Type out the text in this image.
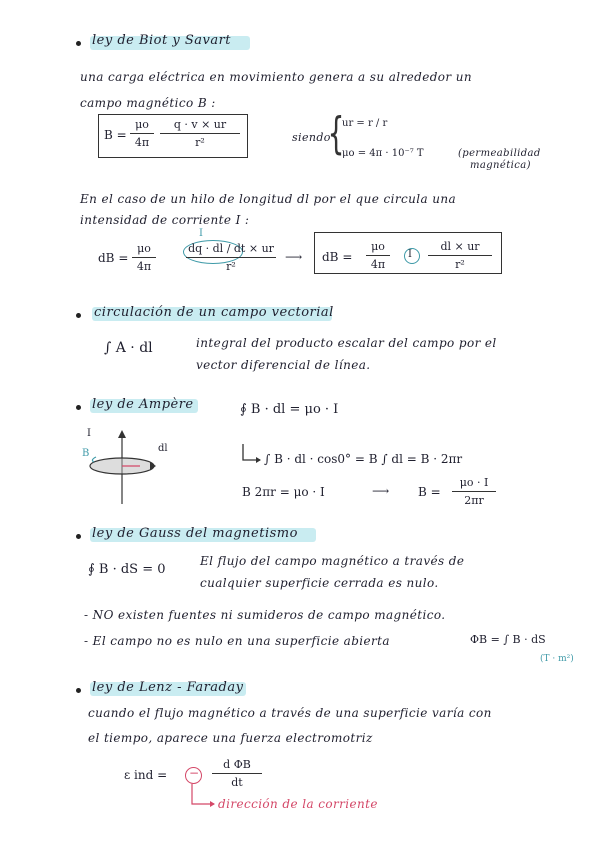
ley de Biot y Savart
una carga eléctrica en movimiento genera a su alrededor un
campo magnético B :
B =
μo
4π
q · v × ur
r²	siendo
{
ur = r / r
μo = 4π · 10⁻⁷ T	(permeabilidad
magnética)
En el caso de un hilo de longitud dl por el que circula una
intensidad de corriente I :
dB =
μo
4π
I
dq · dl / dt × ur
r²
⟶ dB =
μo
4π
I
dl × ur
r²
circulación de un campo vectorial
∫ A · dl	integral del producto escalar del campo por el
vector diferencial de línea.
ley de Ampère
I
B	dl
∮ B · dl = μo · I
∫ B · dl · cos0° = B ∫ dl = B · 2πr
B 2πr = μo · I	⟶ B =
μo · I
2πr
ley de Gauss del magnetismo
∮ B · dS = 0
El flujo del campo magnético a través de
cualquier superficie cerrada es nulo.
- NO existen fuentes ni sumideros de campo magnético.
- El campo no es nulo en una superficie abierta	ΦB = ∫ B · dS
(T · m²)
ley de Lenz - Faraday
cuando el flujo magnético a través de una superficie varía con
el tiempo, aparece una fuerza electromotriz
ε ind = −
d ΦB
dt
dirección de la corriente
